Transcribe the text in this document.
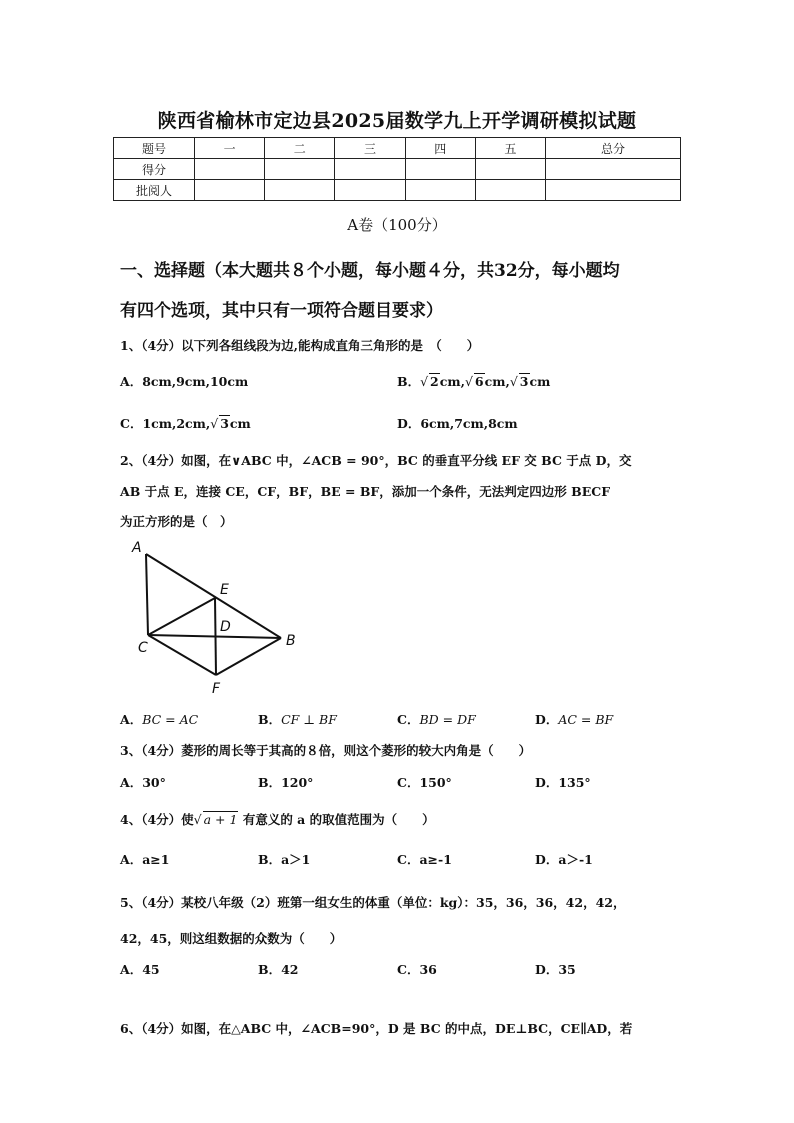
陕西省榆林市定边县2025届数学九上开学调研模拟试题
题号	一	二	三	四	五	总分
得分						
批阅人						
A卷（100分）
一、选择题（本大题共８个小题，每小题４分，共32分，每小题均
有四个选项，其中只有一项符合题目要求）
1、（4分）以下列各组线段为边,能构成直角三角形的是　（　　）
A．8cm,9cm,10cm	B．√ 2cm,√ 6cm,√ 3cm
C．1cm,2cm,√ 3cm	D．6cm,7cm,8cm
2、（4分）如图，在∨ABC 中，∠ACB = 90°，BC 的垂直平分线 EF 交 BC 于点 D，交
AB 于点 E，连接 CE，CF，BF，BE = BF，添加一个条件，无法判定四边形 BECF
为正方形的是（　）
A
E
D
C	B
F
A．BC = AC	B．CF ⊥ BF	C．BD = DF	D．AC = BF
3、（4分）菱形的周长等于其高的８倍，则这个菱形的较大内角是（　　）
A．30°	B．120°	C．150°	D．135°
4、（4分）使√ a + 1 有意义的 a 的取值范围为（　　）
A．a≥1	B．a＞1	C．a≥-1	D．a＞-1
5、（4分）某校八年级（2）班第一组女生的体重（单位：kg）：35，36，36，42，42，
42，45，则这组数据的众数为（　　）
A．45	B．42	C．36	D．35
6、（4分）如图，在△ABC 中，∠ACB=90°，D 是 BC 的中点，DE⊥BC，CE∥AD，若
